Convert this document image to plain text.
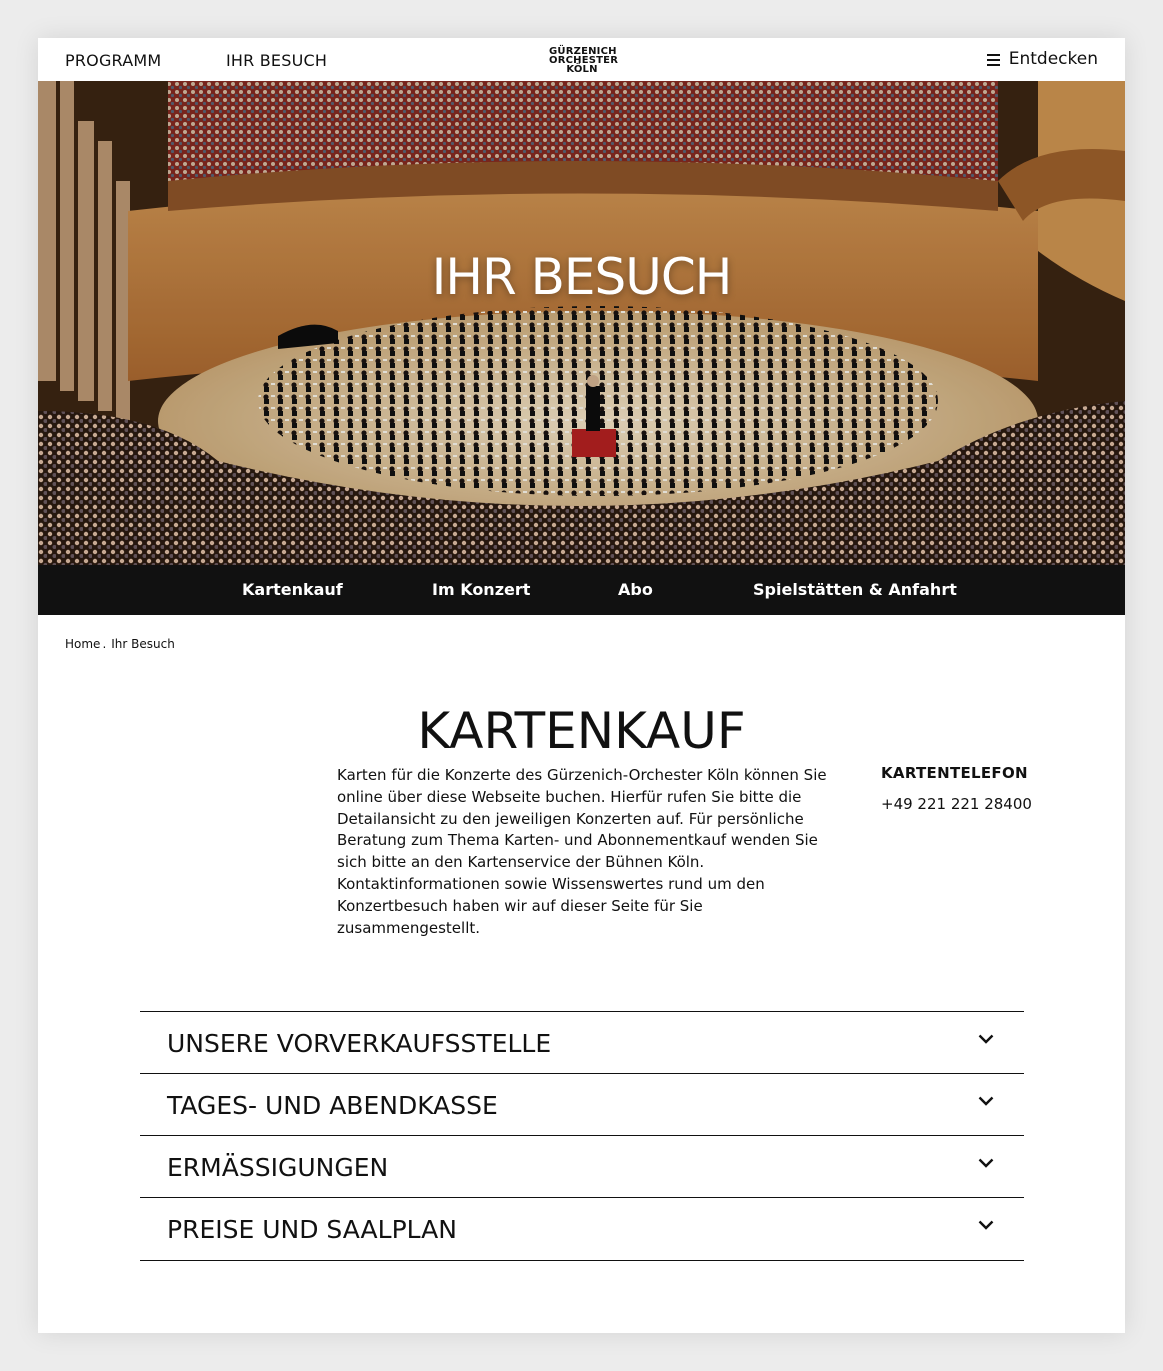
PROGRAMM	IHR BESUCH	GÜRZENICH
ORCHESTER
KÖLN
Entdecken
IHR BESUCH
Kartenkauf	Im Konzert	Abo	Spielstätten & Anfahrt
Home . Ihr Besuch
KARTENKAUF

Karten für die Konzerte des Gürzenich-Orchester Köln können Sie online über diese Webseite buchen. Hierfür rufen Sie bitte die Detailansicht zu den jeweiligen Konzerten auf. Für persönliche Beratung zum Thema Karten- und Abonnementkauf wenden Sie sich bitte an den Kartenservice der Bühnen Köln. Kontaktinformationen sowie Wissenswertes rund um den Konzertbesuch haben wir auf dieser Seite für Sie zusammengestellt.

KARTENTELEFON
+49 221 221 28400
UNSERE VORVERKAUFSSTELLE
TAGES- UND ABENDKASSE
ERMÄSSIGUNGEN
PREISE UND SAALPLAN
